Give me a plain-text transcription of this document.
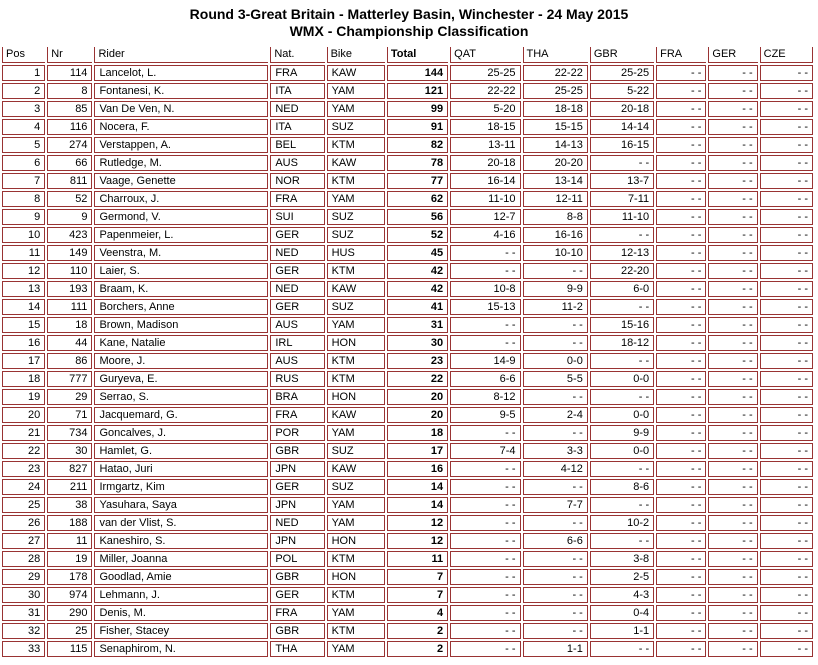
Round 3-Great Britain - Matterley Basin, Winchester - 24 May 2015
WMX - Championship Classification
Pos	Nr	Rider	Nat.	Bike	Total	QAT	THA	GBR	FRA	GER	CZE
1	114	Lancelot, L.	FRA	KAW	144	25-25	22-22	25-25	- -	- -	- -
2	8	Fontanesi, K.	ITA	YAM	121	22-22	25-25	5-22	- -	- -	- -
3	85	Van De Ven, N.	NED	YAM	99	5-20	18-18	20-18	- -	- -	- -
4	116	Nocera, F.	ITA	SUZ	91	18-15	15-15	14-14	- -	- -	- -
5	274	Verstappen, A.	BEL	KTM	82	13-11	14-13	16-15	- -	- -	- -
6	66	Rutledge, M.	AUS	KAW	78	20-18	20-20	- -	- -	- -	- -
7	811	Vaage, Genette	NOR	KTM	77	16-14	13-14	13-7	- -	- -	- -
8	52	Charroux, J.	FRA	YAM	62	11-10	12-11	7-11	- -	- -	- -
9	9	Germond, V.	SUI	SUZ	56	12-7	8-8	11-10	- -	- -	- -
10	423	Papenmeier, L.	GER	SUZ	52	4-16	16-16	- -	- -	- -	- -
11	149	Veenstra, M.	NED	HUS	45	- -	10-10	12-13	- -	- -	- -
12	110	Laier, S.	GER	KTM	42	- -	- -	22-20	- -	- -	- -
13	193	Braam, K.	NED	KAW	42	10-8	9-9	6-0	- -	- -	- -
14	111	Borchers, Anne	GER	SUZ	41	15-13	11-2	- -	- -	- -	- -
15	18	Brown, Madison	AUS	YAM	31	- -	- -	15-16	- -	- -	- -
16	44	Kane, Natalie	IRL	HON	30	- -	- -	18-12	- -	- -	- -
17	86	Moore, J.	AUS	KTM	23	14-9	0-0	- -	- -	- -	- -
18	777	Guryeva, E.	RUS	KTM	22	6-6	5-5	0-0	- -	- -	- -
19	29	Serrao, S.	BRA	HON	20	8-12	- -	- -	- -	- -	- -
20	71	Jacquemard, G.	FRA	KAW	20	9-5	2-4	0-0	- -	- -	- -
21	734	Goncalves, J.	POR	YAM	18	- -	- -	9-9	- -	- -	- -
22	30	Hamlet, G.	GBR	SUZ	17	7-4	3-3	0-0	- -	- -	- -
23	827	Hatao, Juri	JPN	KAW	16	- -	4-12	- -	- -	- -	- -
24	211	Irmgartz, Kim	GER	SUZ	14	- -	- -	8-6	- -	- -	- -
25	38	Yasuhara, Saya	JPN	YAM	14	- -	7-7	- -	- -	- -	- -
26	188	van der Vlist, S.	NED	YAM	12	- -	- -	10-2	- -	- -	- -
27	11	Kaneshiro, S.	JPN	HON	12	- -	6-6	- -	- -	- -	- -
28	19	Miller, Joanna	POL	KTM	11	- -	- -	3-8	- -	- -	- -
29	178	Goodlad, Amie	GBR	HON	7	- -	- -	2-5	- -	- -	- -
30	974	Lehmann, J.	GER	KTM	7	- -	- -	4-3	- -	- -	- -
31	290	Denis, M.	FRA	YAM	4	- -	- -	0-4	- -	- -	- -
32	25	Fisher, Stacey	GBR	KTM	2	- -	- -	1-1	- -	- -	- -
33	115	Senaphirom, N.	THA	YAM	2	- -	1-1	- -	- -	- -	- -
